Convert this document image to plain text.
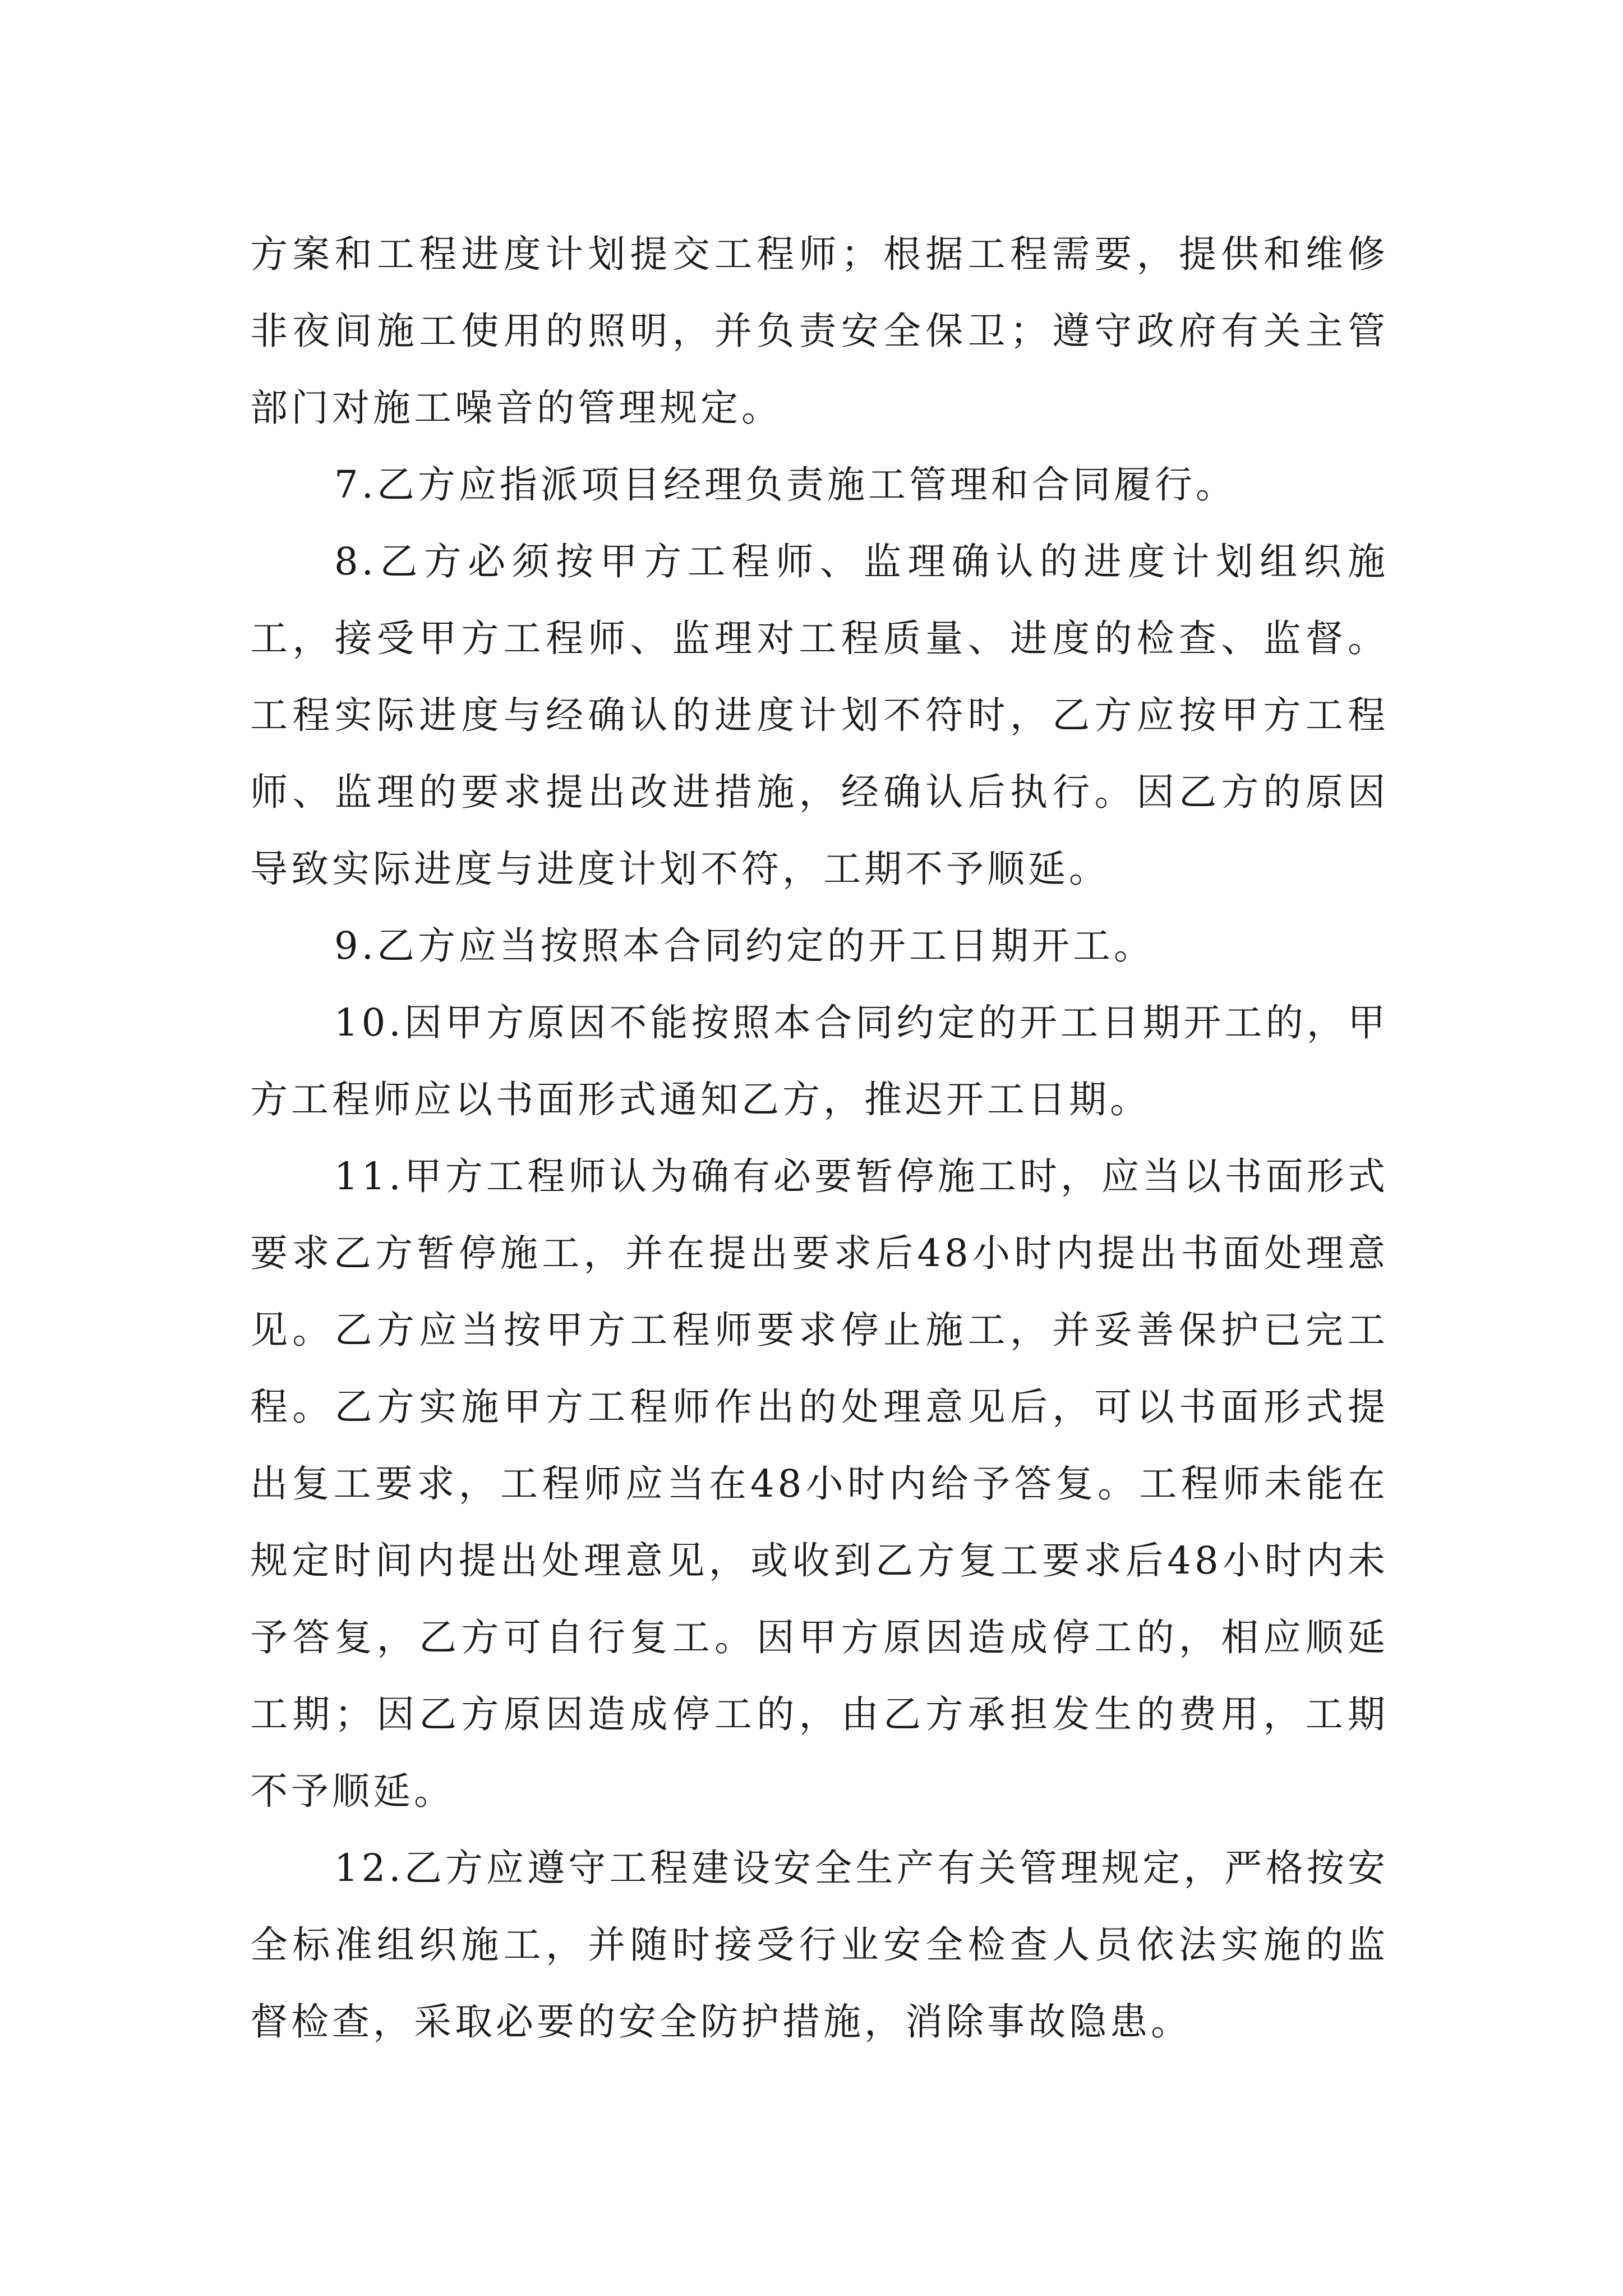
方案和工程进度计划提交工程师；根据工程需要，提供和维修非夜间施工使用的照明，并负责安全保卫；遵守政府有关主管部门对施工噪音的管理规定。

7.乙方应指派项目经理负责施工管理和合同履行。

8.乙方必须按甲方工程师、监理确认的进度计划组织施工，接受甲方工程师、监理对工程质量、进度的检查、监督。工程实际进度与经确认的进度计划不符时，乙方应按甲方工程师、监理的要求提出改进措施，经确认后执行。因乙方的原因导致实际进度与进度计划不符，工期不予顺延。

9.乙方应当按照本合同约定的开工日期开工。

10.因甲方原因不能按照本合同约定的开工日期开工的，甲方工程师应以书面形式通知乙方，推迟开工日期。

11.甲方工程师认为确有必要暂停施工时，应当以书面形式要求乙方暂停施工，并在提出要求后48小时内提出书面处理意见。乙方应当按甲方工程师要求停止施工，并妥善保护已完工程。乙方实施甲方工程师作出的处理意见后，可以书面形式提出复工要求，工程师应当在48小时内给予答复。工程师未能在规定时间内提出处理意见，或收到乙方复工要求后48小时内未予答复，乙方可自行复工。因甲方原因造成停工的，相应顺延工期；因乙方原因造成停工的，由乙方承担发生的费用，工期不予顺延。

12.乙方应遵守工程建设安全生产有关管理规定，严格按安全标准组织施工，并随时接受行业安全检查人员依法实施的监督检查，采取必要的安全防护措施，消除事故隐患。
